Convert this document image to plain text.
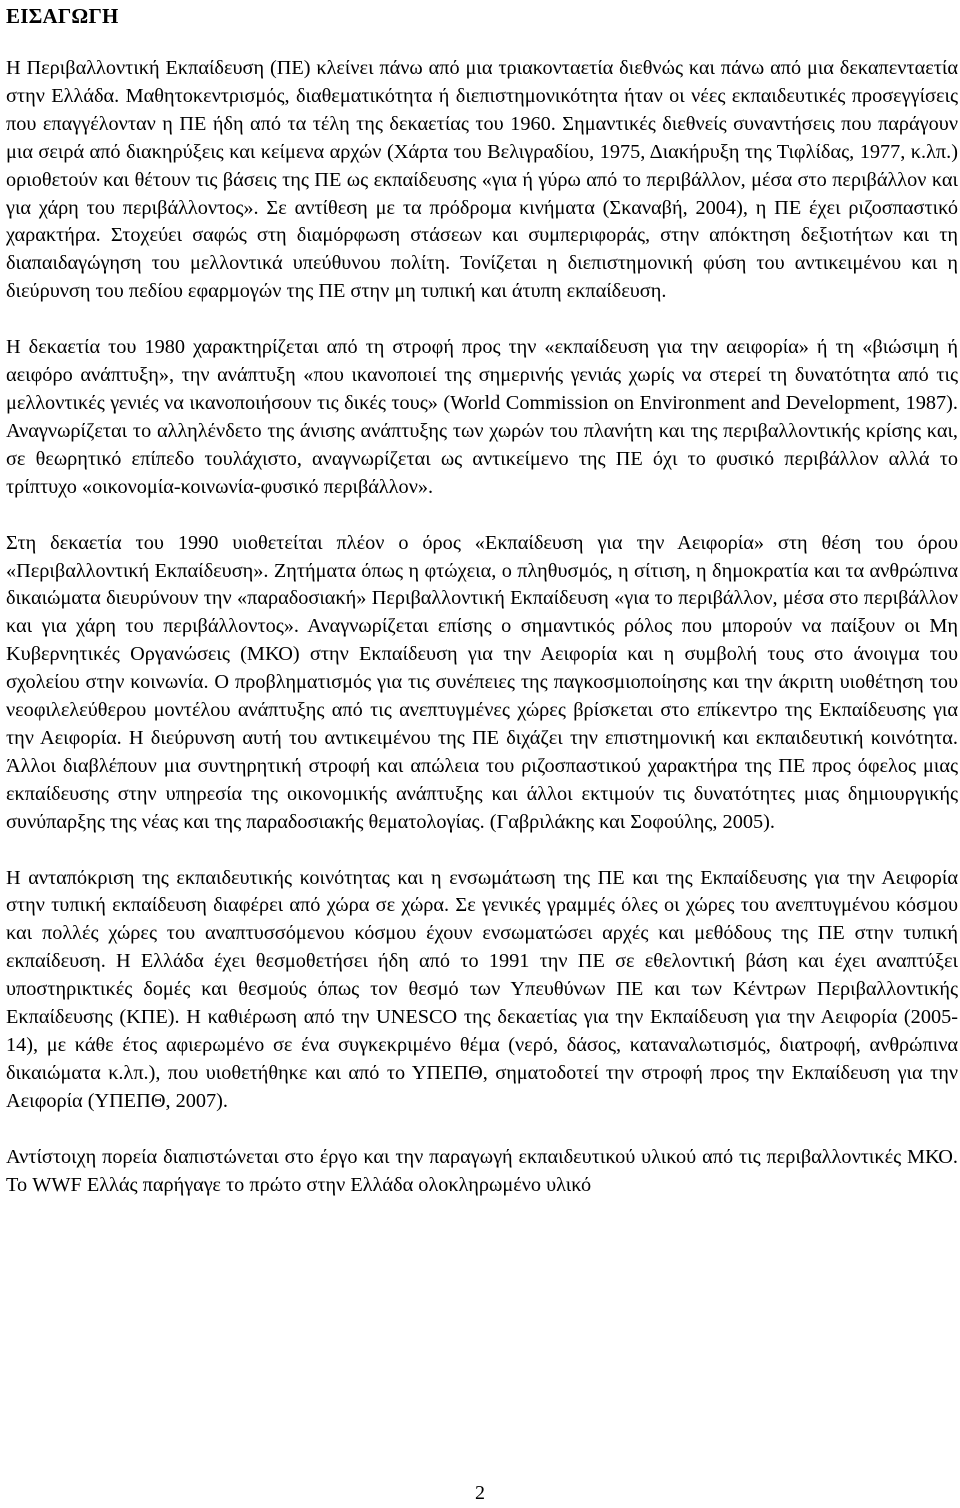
ΕΙΣΑΓΩΓΗ

Η Περιβαλλοντική Εκπαίδευση (ΠΕ) κλείνει πάνω από μια τριακονταετία διεθνώς και πάνω από μια δεκαπενταετία στην Ελλάδα. Μαθητοκεντρισμός, διαθεματικότητα ή διεπιστημονικότητα ήταν οι νέες εκπαιδευτικές προσεγγίσεις που επαγγέλονταν η ΠΕ ήδη από τα τέλη της δεκαετίας του 1960. Σημαντικές διεθνείς συναντήσεις που παράγουν μια σειρά από διακηρύξεις και κείμενα αρχών (Χάρτα του Βελιγραδίου, 1975, Διακήρυξη της Τιφλίδας, 1977, κ.λπ.) οριοθετούν και θέτουν τις βάσεις της ΠΕ ως εκπαίδευσης «για ή γύρω από το περιβάλλον, μέσα στο περιβάλλον και για χάρη του περιβάλλοντος». Σε αντίθεση με τα πρόδρομα κινήματα (Σκαναβή, 2004), η ΠΕ έχει ριζοσπαστικό χαρακτήρα. Στοχεύει σαφώς στη διαμόρφωση στάσεων και συμπεριφοράς, στην απόκτηση δεξιοτήτων και τη διαπαιδαγώγηση του μελλοντικά υπεύθυνου πολίτη. Τονίζεται η διεπιστημονική φύση του αντικειμένου και η διεύρυνση του πεδίου εφαρμογών της ΠΕ στην μη τυπική και άτυπη εκπαίδευση.

Η δεκαετία του 1980 χαρακτηρίζεται από τη στροφή προς την «εκπαίδευση για την αειφορία» ή τη «βιώσιμη ή αειφόρο ανάπτυξη», την ανάπτυξη «που ικανοποιεί της σημερινής γενιάς χωρίς να στερεί τη δυνατότητα από τις μελλοντικές γενιές να ικανοποιήσουν τις δικές τους» (World Commission on Environment and Development, 1987). Αναγνωρίζεται το αλληλένδετο της άνισης ανάπτυξης των χωρών του πλανήτη και της περιβαλλοντικής κρίσης και, σε θεωρητικό επίπεδο τουλάχιστο, αναγνωρίζεται ως αντικείμενο της ΠΕ όχι το φυσικό περιβάλλον αλλά το τρίπτυχο «οικονομία-κοινωνία-φυσικό περιβάλλον».

Στη δεκαετία του 1990 υιοθετείται πλέον ο όρος «Εκπαίδευση για την Αειφορία» στη θέση του όρου «Περιβαλλοντική Εκπαίδευση». Ζητήματα όπως η φτώχεια, ο πληθυσμός, η σίτιση, η δημοκρατία και τα ανθρώπινα δικαιώματα διευρύνουν την «παραδοσιακή» Περιβαλλοντική Εκπαίδευση «για το περιβάλλον, μέσα στο περιβάλλον και για χάρη του περιβάλλοντος». Αναγνωρίζεται επίσης ο σημαντικός ρόλος που μπορούν να παίξουν οι Μη Κυβερνητικές Οργανώσεις (ΜΚΟ) στην Εκπαίδευση για την Αειφορία και η συμβολή τους στο άνοιγμα του σχολείου στην κοινωνία. Ο προβληματισμός για τις συνέπειες της παγκοσμιοποίησης και την άκριτη υιοθέτηση του νεοφιλελεύθερου μοντέλου ανάπτυξης από τις ανεπτυγμένες χώρες βρίσκεται στο επίκεντρο της Εκπαίδευσης για την Αειφορία. Η διεύρυνση αυτή του αντικειμένου της ΠΕ διχάζει την επιστημονική και εκπαιδευτική κοινότητα. Άλλοι διαβλέπουν μια συντηρητική στροφή και απώλεια του ριζοσπαστικού χαρακτήρα της ΠΕ προς όφελος μιας εκπαίδευσης στην υπηρεσία της οικονομικής ανάπτυξης και άλλοι εκτιμούν τις δυνατότητες μιας δημιουργικής συνύπαρξης της νέας και της παραδοσιακής θεματολογίας. (Γαβριλάκης και Σοφούλης, 2005).

Η ανταπόκριση της εκπαιδευτικής κοινότητας και η ενσωμάτωση της ΠΕ και της Εκπαίδευσης για την Αειφορία στην τυπική εκπαίδευση διαφέρει από χώρα σε χώρα. Σε γενικές γραμμές όλες οι χώρες του ανεπτυγμένου κόσμου και πολλές χώρες του αναπτυσσόμενου κόσμου έχουν ενσωματώσει αρχές και μεθόδους της ΠΕ στην τυπική εκπαίδευση. Η Ελλάδα έχει θεσμοθετήσει ήδη από το 1991 την ΠΕ σε εθελοντική βάση και έχει αναπτύξει υποστηρικτικές δομές και θεσμούς όπως τον θεσμό των Υπευθύνων ΠΕ και των Κέντρων Περιβαλλοντικής Εκπαίδευσης (ΚΠΕ). Η καθιέρωση από την UNESCO της δεκαετίας για την Εκπαίδευση για την Αειφορία (2005-14), με κάθε έτος αφιερωμένο σε ένα συγκεκριμένο θέμα (νερό, δάσος, καταναλωτισμός, διατροφή, ανθρώπινα δικαιώματα κ.λπ.), που υιοθετήθηκε και από το ΥΠΕΠΘ, σηματοδοτεί την στροφή προς την Εκπαίδευση για την Αειφορία (ΥΠΕΠΘ, 2007).

Αντίστοιχη πορεία διαπιστώνεται στο έργο και την παραγωγή εκπαιδευτικού υλικού από τις περιβαλλοντικές ΜΚΟ. Το WWF Ελλάς παρήγαγε το πρώτο στην Ελλάδα ολοκληρωμένο υλικό

2
